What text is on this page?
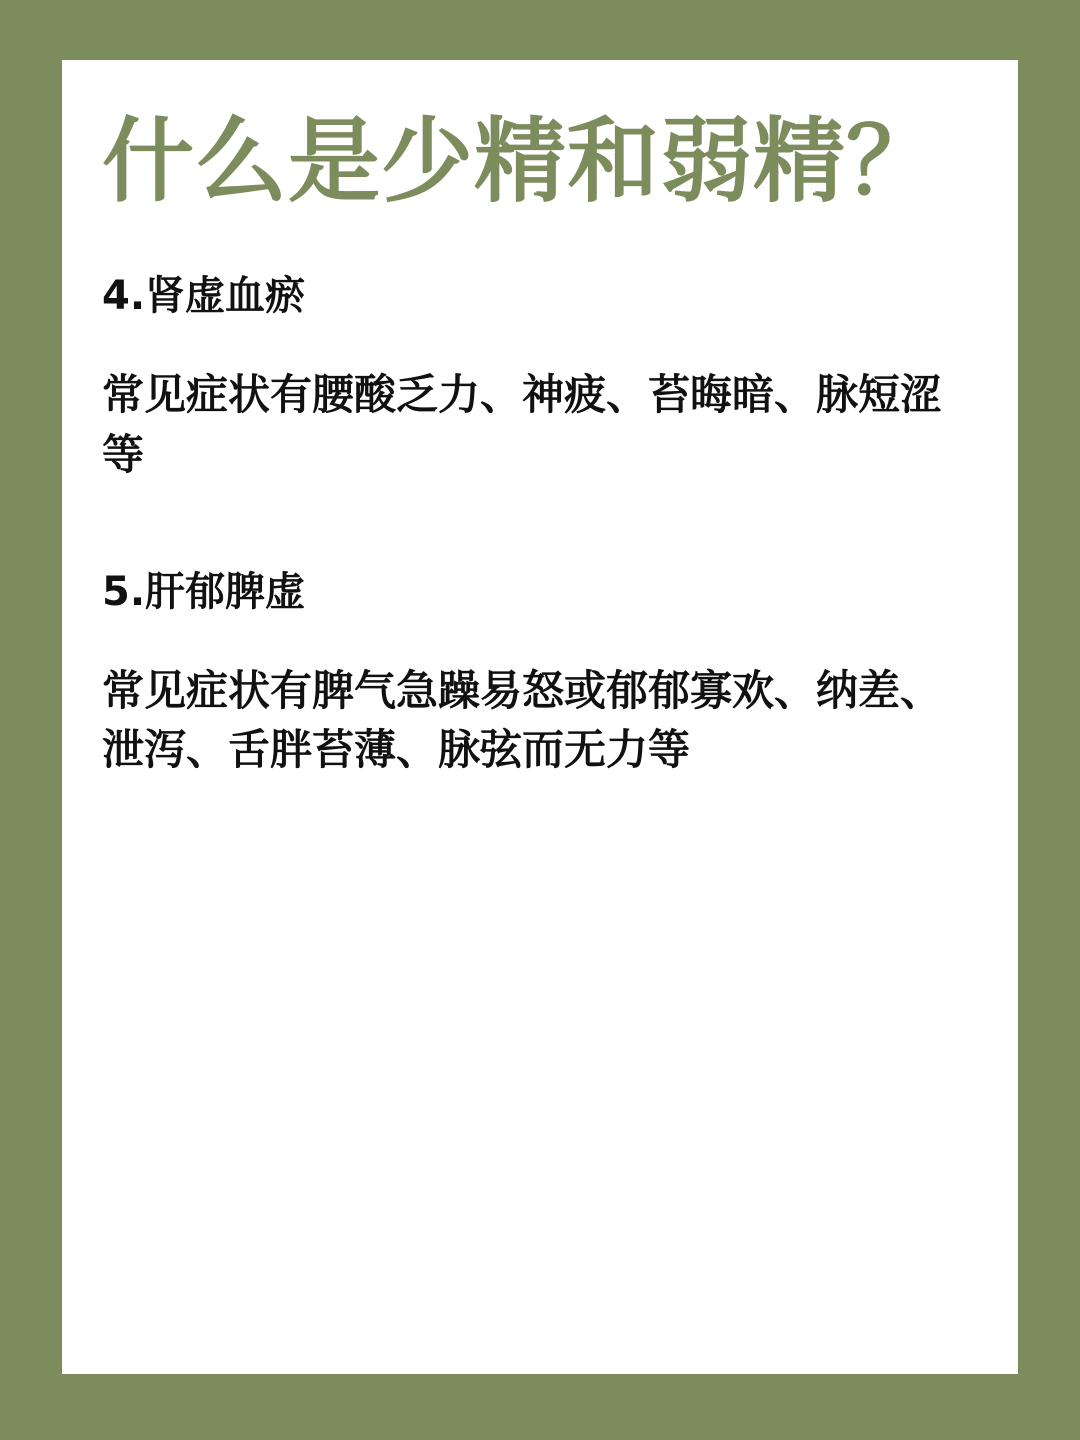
什么是少精和弱精？

4.肾虚血瘀

常见症状有腰酸乏力、神疲、苔晦暗、脉短涩等

5.肝郁脾虚

常见症状有脾气急躁易怒或郁郁寡欢、纳差、泄泻、舌胖苔薄、脉弦而无力等
